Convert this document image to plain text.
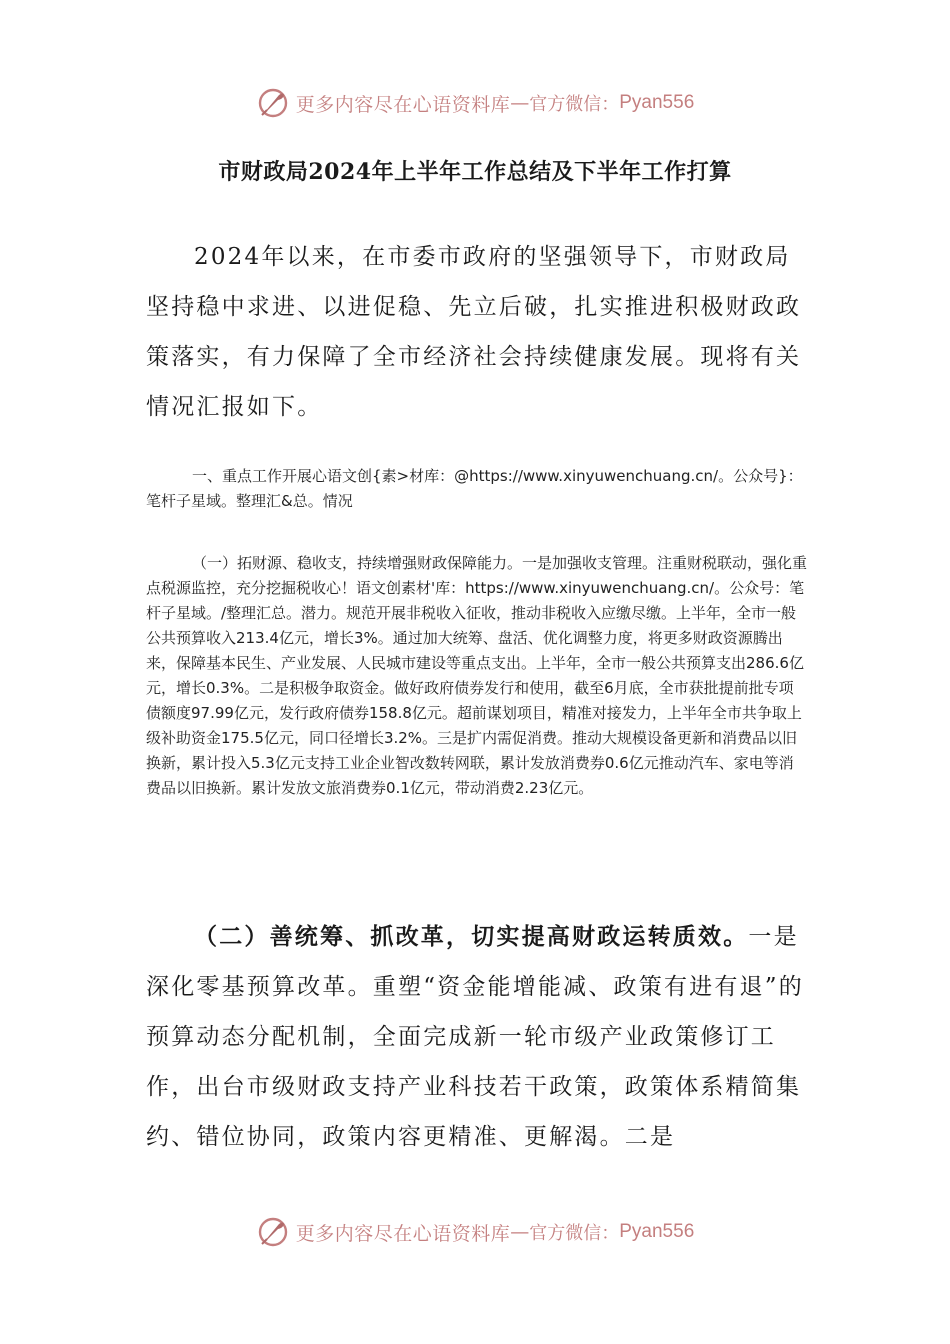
更多内容尽在心语资料库 — 官方微信： Pyan556
市财政局2024年上半年工作总结及下半年工作打算

2024年以来，在市委市政府的坚强领导下，市财政局坚持稳中求进、以进促稳、先立后破，扎实推进积极财政政策落实，有力保障了全市经济社会持续健康发展。现将有关情况汇报如下。

一、重点工作开展心语文创{素>材库：@https://www.xinyuwenchuang.cn/。公众号}：笔杆子星域。整理汇&总。情况

（一）拓财源、稳收支，持续增强财政保障能力。一是加强收支管理。注重财税联动，强化重点税源监控，充分挖掘税收心！语文创素材'库：https://www.xinyuwenchuang.cn/。公众号：笔杆子星域。/整理汇总。潜力。规范开展非税收入征收，推动非税收入应缴尽缴。上半年，全市一般公共预算收入213.4亿元，增长3%。通过加大统筹、盘活、优化调整力度，将更多财政资源腾出来，保障基本民生、产业发展、人民城市建设等重点支出。上半年，全市一般公共预算支出286.6亿元，增长0.3%。二是积极争取资金。做好政府债券发行和使用，截至6月底，全市获批提前批专项债额度97.99亿元，发行政府债券158.8亿元。超前谋划项目，精准对接发力，上半年全市共争取上级补助资金175.5亿元，同口径增长3.2%。三是扩内需促消费。推动大规模设备更新和消费品以旧换新，累计投入5.3亿元支持工业企业智改数转网联，累计发放消费券0.6亿元推动汽车、家电等消费品以旧换新。累计发放文旅消费券0.1亿元，带动消费2.23亿元。

（二）善统筹、抓改革，切实提高财政运转质效。一是深化零基预算改革。重塑“资金能增能减、政策有进有退”的预算动态分配机制，全面完成新一轮市级产业政策修订工作，出台市级财政支持产业科技若干政策，政策体系精简集约、错位协同，政策内容更精准、更解渴。二是

更多内容尽在心语资料库 — 官方微信： Pyan556
